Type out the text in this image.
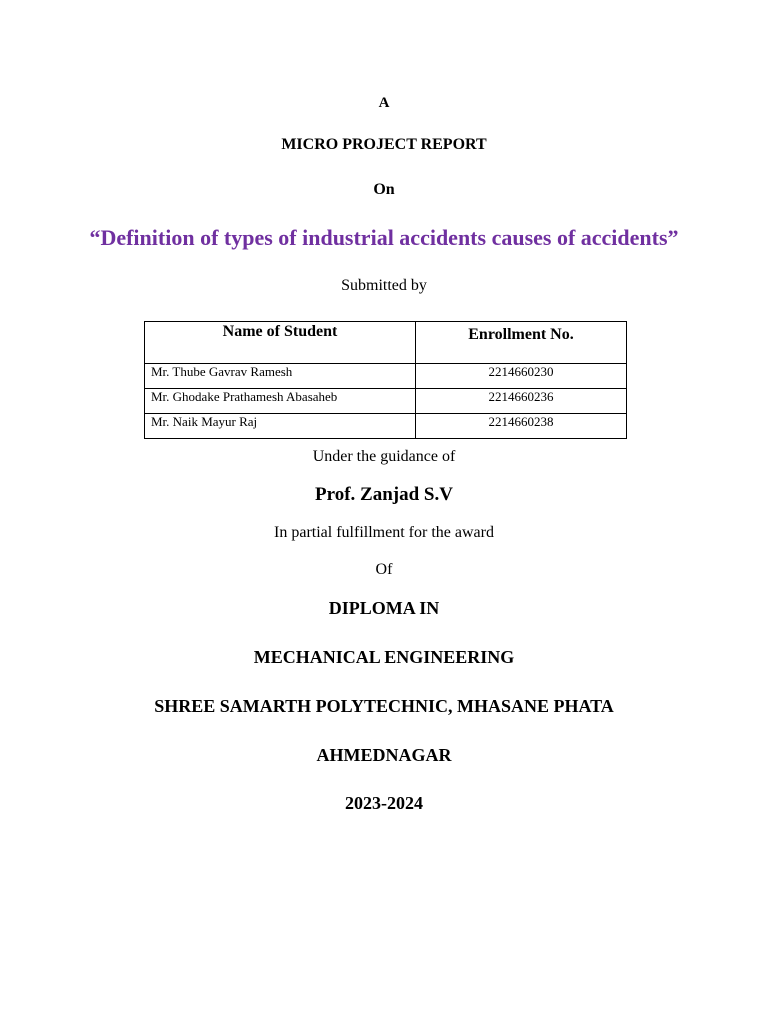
A
MICRO PROJECT REPORT
On
“Definition of types of industrial accidents causes of accidents”
Submitted by
Name of Student	Enrollment No.
Mr. Thube Gavrav Ramesh	2214660230
Mr. Ghodake Prathamesh Abasaheb	2214660236
Mr. Naik Mayur Raj	2214660238
Under the guidance of
Prof. Zanjad S.V
In partial fulfillment for the award
Of
DIPLOMA IN
MECHANICAL ENGINEERING
SHREE SAMARTH POLYTECHNIC, MHASANE PHATA
AHMEDNAGAR
2023-2024
